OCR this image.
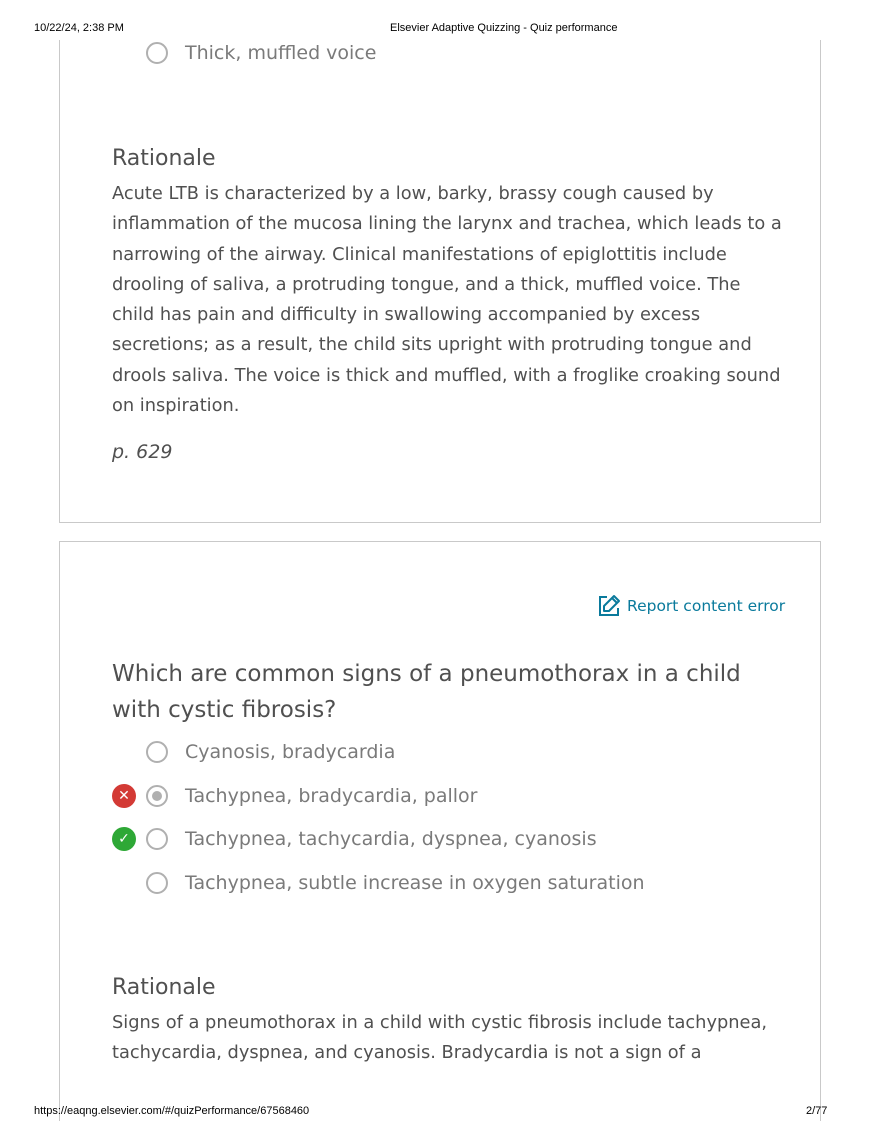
10/22/24, 2:38 PM	Elsevier Adaptive Quizzing - Quiz performance
Thick, muffled voice
Rationale

Acute LTB is characterized by a low, barky, brassy cough caused by inflammation of the mucosa lining the larynx and trachea, which leads to a narrowing of the airway. Clinical manifestations of epiglottitis include drooling of saliva, a protruding tongue, and a thick, muffled voice. The child has pain and difficulty in swallowing accompanied by excess secretions; as a result, the child sits upright with protruding tongue and drools saliva. The voice is thick and muffled, with a froglike croaking sound on inspiration.

p. 629
Report content error

Which are common signs of a pneumothorax in a child with cystic fibrosis?

Cyanosis, bradycardia
✕	Tachypnea, bradycardia, pallor
✓	Tachypnea, tachycardia, dyspnea, cyanosis
Tachypnea, subtle increase in oxygen saturation
Rationale

Signs of a pneumothorax in a child with cystic fibrosis include tachypnea, tachycardia, dyspnea, and cyanosis. Bradycardia is not a sign of a

https://eaqng.elsevier.com/#/quizPerformance/67568460	2/77
